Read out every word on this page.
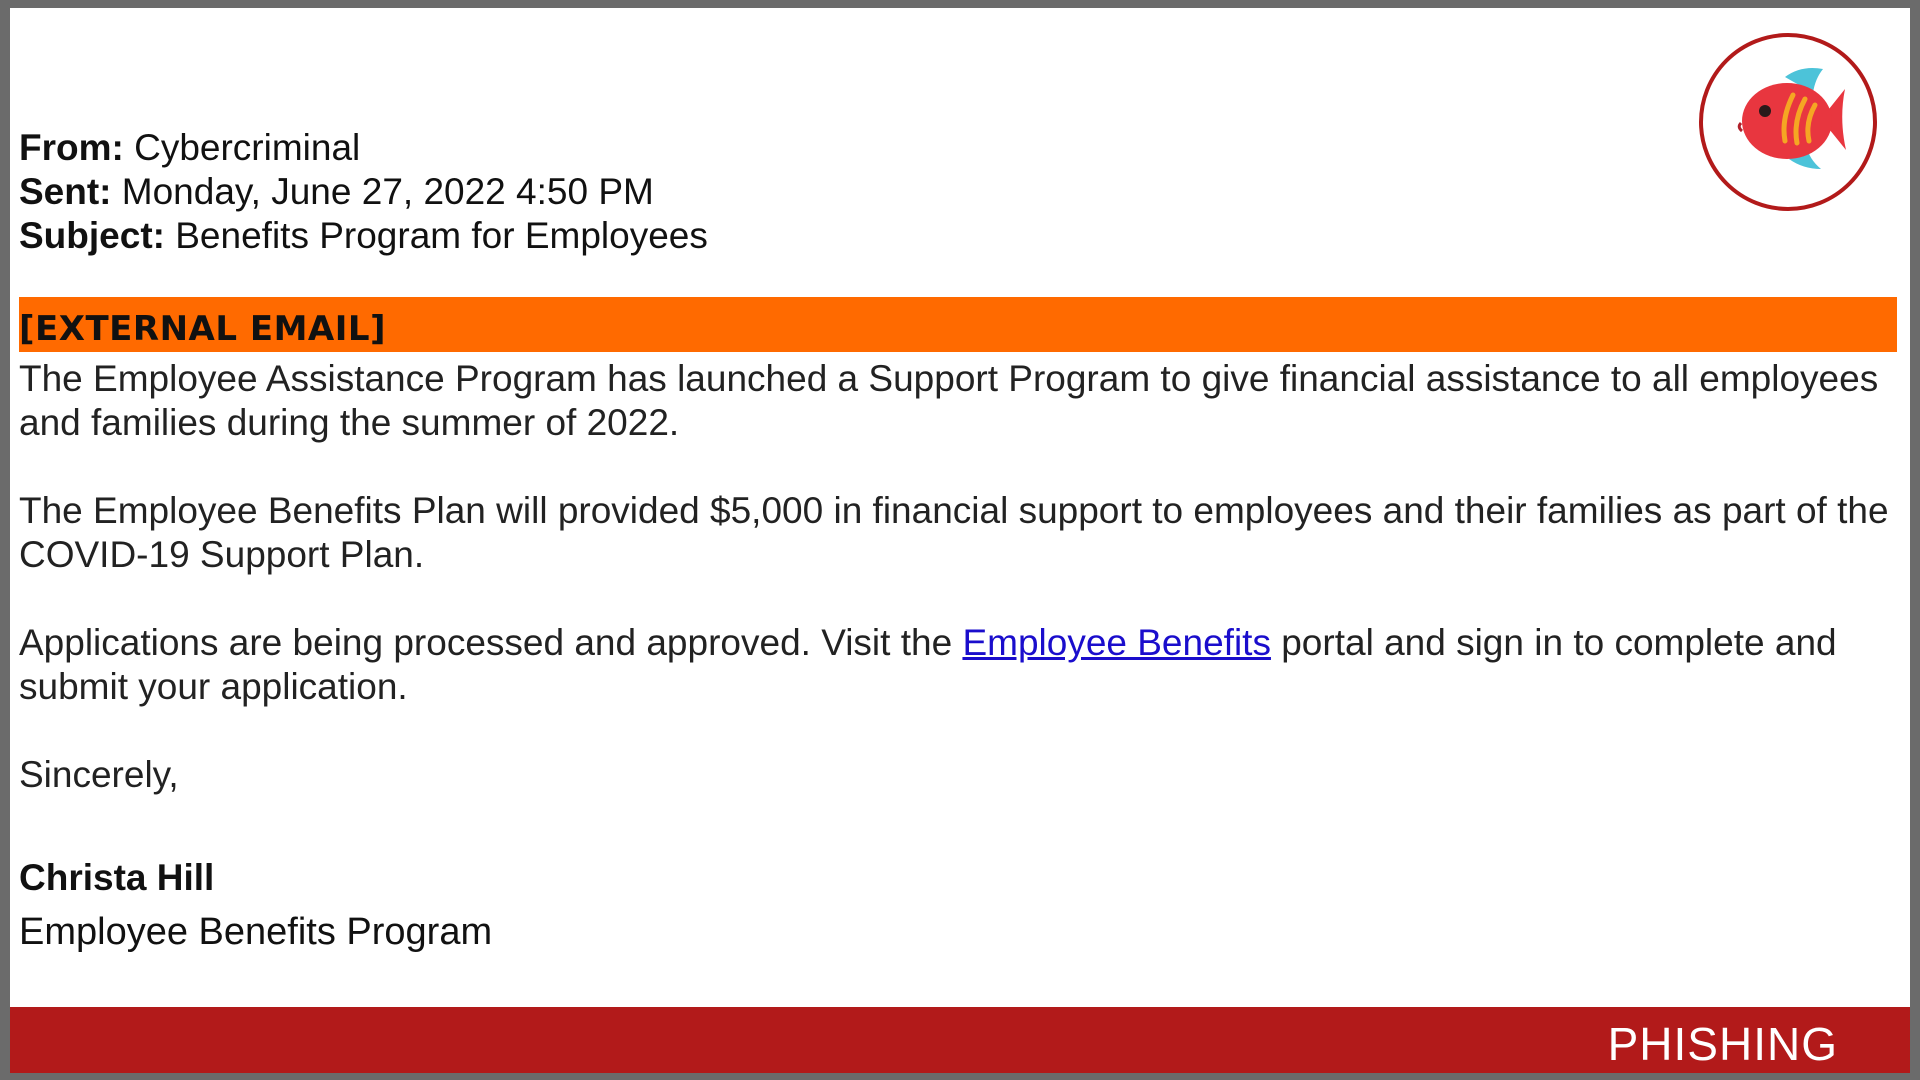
From: Cybercriminal
Sent: Monday, June 27, 2022 4:50 PM
Subject: Benefits Program for Employees
[EXTERNAL EMAIL]

The Employee Assistance Program has launched a Support Program to give financial assistance to all employees and families during the summer of 2022.

The Employee Benefits Plan will provided $5,000 in financial support to employees and their families as part of the COVID-19 Support Plan.

Applications are being processed and approved. Visit the Employee Benefits portal and sign in to complete and submit your application.

Sincerely,

Christa Hill
Employee Benefits Program
PHISHING
